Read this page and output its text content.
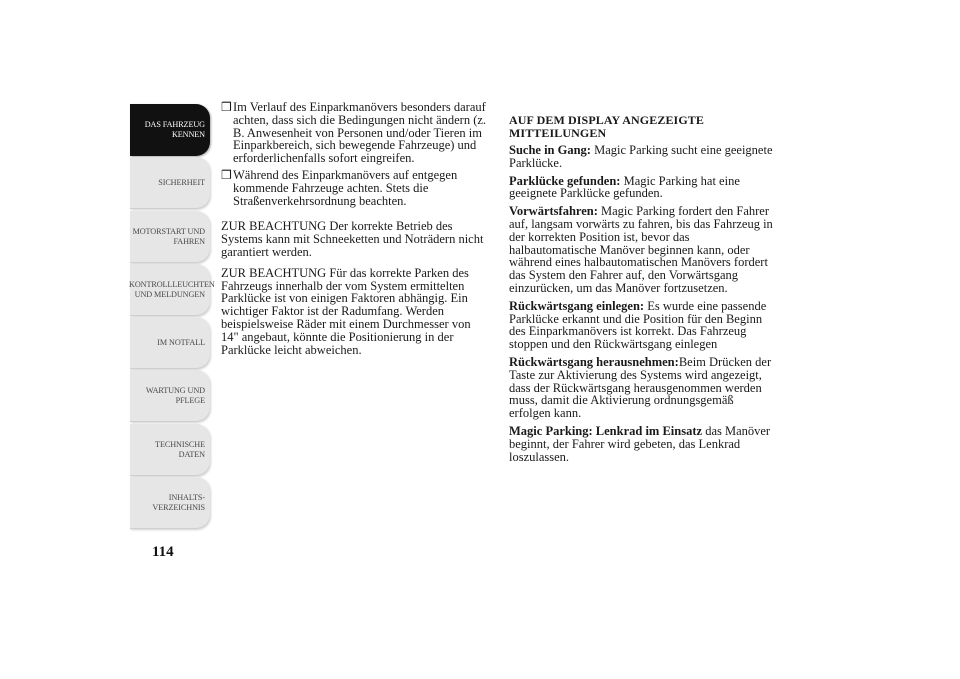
DAS FAHRZEUG KENNEN
SICHERHEIT
MOTORSTART UND FAHREN
KONTROLLLEUCHTEN UND MELDUNGEN
IM NOTFALL
WARTUNG UND PFLEGE
TECHNISCHE DATEN
INHALTS-VERZEICHNIS
114
❒ Im Verlauf des Einparkmanövers besonders darauf achten, dass sich die Bedingungen nicht ändern (z. B. Anwesenheit von Personen und/oder Tieren im Einparkbereich, sich bewegende Fahrzeuge) und erforderlichenfalls sofort eingreifen.
❒ Während des Einparkmanövers auf entgegen kommende Fahrzeuge achten. Stets die Straßenverkehrsordnung beachten.

ZUR BEACHTUNG Der korrekte Betrieb des Systems kann mit Schneeketten und Noträdern nicht garantiert werden.

ZUR BEACHTUNG Für das korrekte Parken des Fahrzeugs innerhalb der vom System ermittelten Parklücke ist von einigen Faktoren abhängig. Ein wichtiger Faktor ist der Radumfang. Werden beispielsweise Räder mit einem Durchmesser von 14" angebaut, könnte die Positionierung in der Parklücke leicht abweichen.

AUF DEM DISPLAY ANGEZEIGTE MITTEILUNGEN

Suche in Gang: Magic Parking sucht eine geeignete Parklücke.

Parklücke gefunden: Magic Parking hat eine geeignete Parklücke gefunden.

Vorwärtsfahren: Magic Parking fordert den Fahrer auf, langsam vorwärts zu fahren, bis das Fahrzeug in der korrekten Position ist, bevor das halbautomatische Manöver beginnen kann, oder während eines halbautomatischen Manövers fordert das System den Fahrer auf, den Vorwärtsgang einzurücken, um das Manöver fortzusetzen.

Rückwärtsgang einlegen: Es wurde eine passende Parklücke erkannt und die Position für den Beginn des Einparkmanövers ist korrekt. Das Fahrzeug stoppen und den Rückwärtsgang einlegen

Rückwärtsgang herausnehmen:Beim Drücken der Taste zur Aktivierung des Systems wird angezeigt, dass der Rückwärtsgang herausgenommen werden muss, damit die Aktivierung ordnungsgemäß erfolgen kann.

Magic Parking: Lenkrad im Einsatz das Manöver beginnt, der Fahrer wird gebeten, das Lenkrad loszulassen.
